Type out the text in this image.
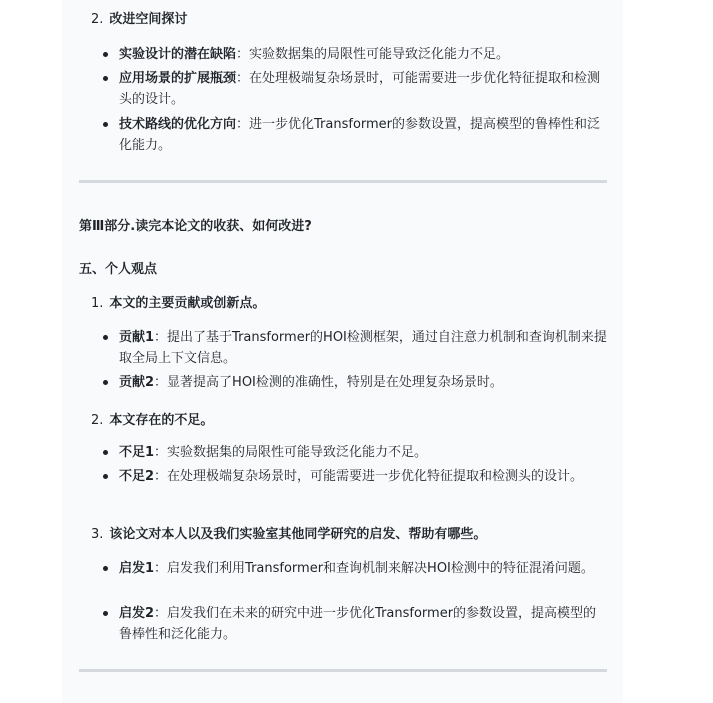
2. 改进空间探讨
实验设计的潜在缺陷：实验数据集的局限性可能导致泛化能力不足。
应用场景的扩展瓶颈：在处理极端复杂场景时，可能需要进一步优化特征提取和检测头的设计。
技术路线的优化方向：进一步优化Transformer的参数设置，提高模型的鲁棒性和泛化能力。
第Ⅲ部分.读完本论文的收获、如何改进?
五、个人观点
1. 本文的主要贡献或创新点。
贡献1：提出了基于Transformer的HOI检测框架，通过自注意力机制和查询机制来提取全局上下文信息。
贡献2：显著提高了HOI检测的准确性，特别是在处理复杂场景时。
2. 本文存在的不足。
不足1：实验数据集的局限性可能导致泛化能力不足。
不足2：在处理极端复杂场景时，可能需要进一步优化特征提取和检测头的设计。
3. 该论文对本人以及我们实验室其他同学研究的启发、帮助有哪些。
启发1：启发我们利用Transformer和查询机制来解决HOI检测中的特征混淆问题。
启发2：启发我们在未来的研究中进一步优化Transformer的参数设置，提高模型的鲁棒性和泛化能力。
